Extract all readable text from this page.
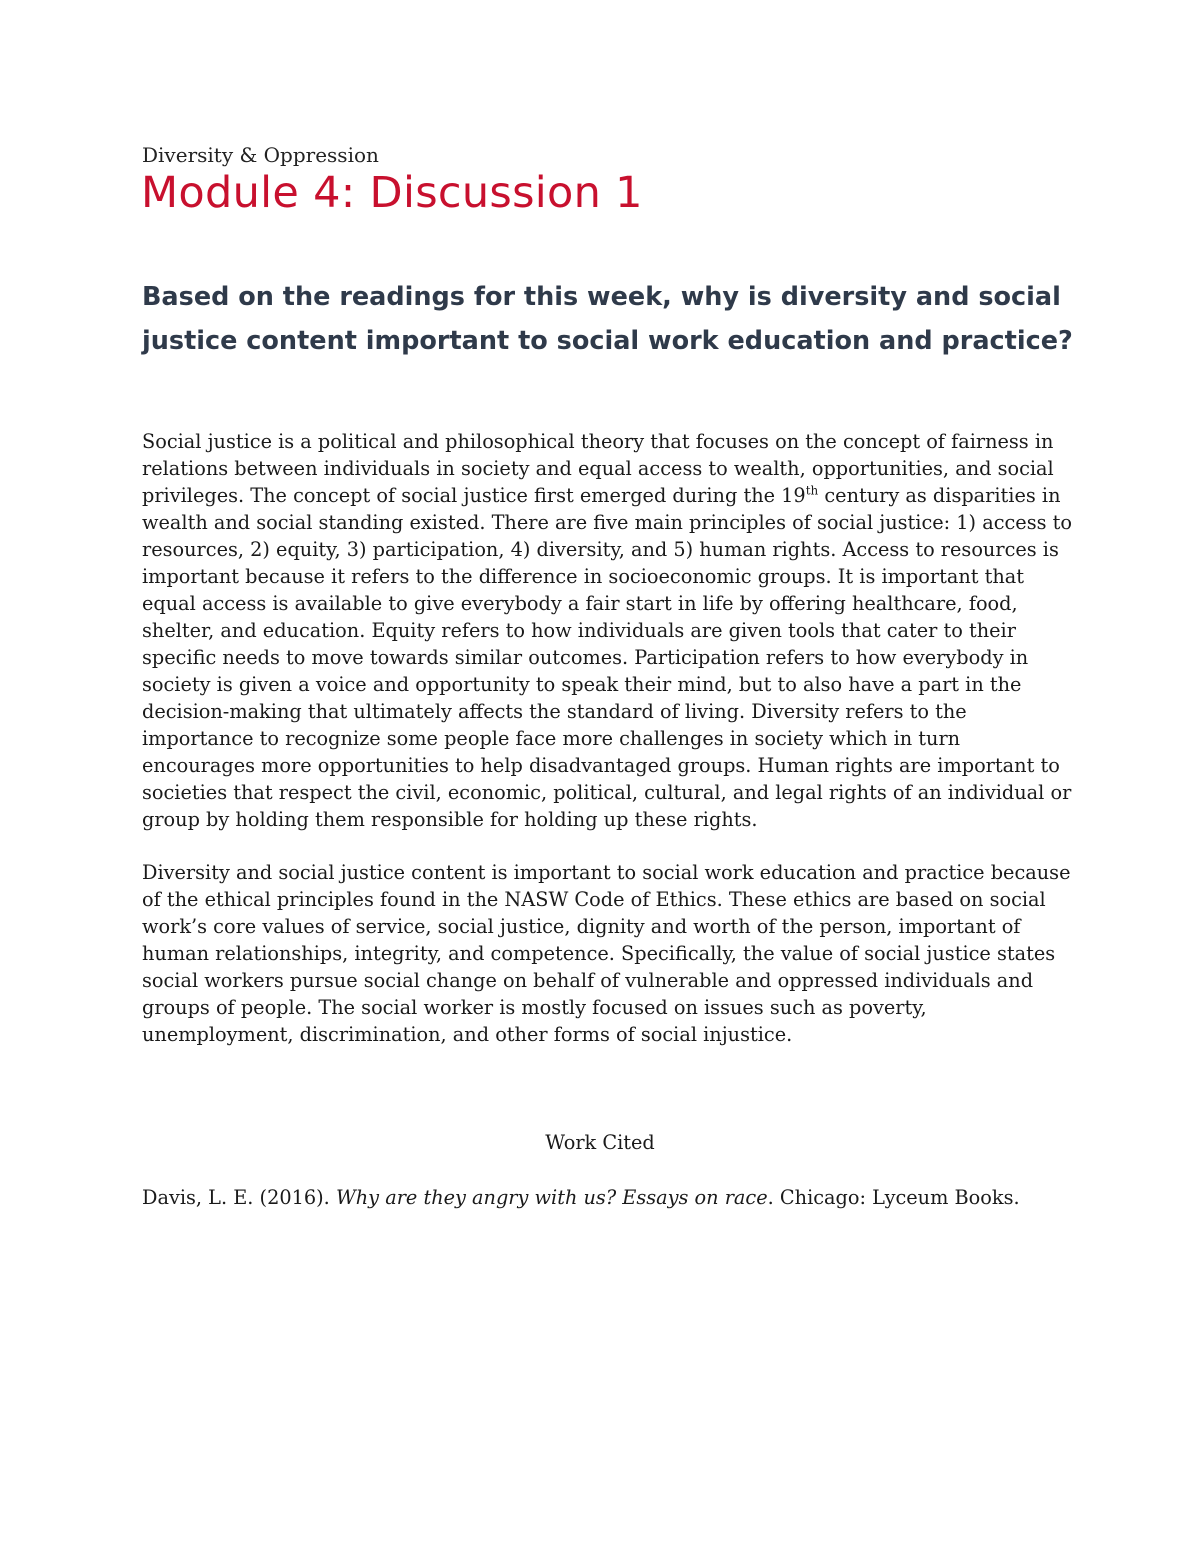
Diversity & Oppression

Module 4: Discussion 1
Based on the readings for this week, why is diversity and social justice content important to social work education and practice?

Social justice is a political and philosophical theory that focuses on the concept of fairness in relations between individuals in society and equal access to wealth, opportunities, and social privileges. The concept of social justice first emerged during the 19th century as disparities in wealth and social standing existed. There are five main principles of social justice: 1) access to resources, 2) equity, 3) participation, 4) diversity, and 5) human rights. Access to resources is important because it refers to the difference in socioeconomic groups. It is important that equal access is available to give everybody a fair start in life by offering healthcare, food, shelter, and education. Equity refers to how individuals are given tools that cater to their specific needs to move towards similar outcomes. Participation refers to how everybody in society is given a voice and opportunity to speak their mind, but to also have a part in the decision-making that ultimately affects the standard of living. Diversity refers to the importance to recognize some people face more challenges in society which in turn encourages more opportunities to help disadvantaged groups. Human rights are important to societies that respect the civil, economic, political, cultural, and legal rights of an individual or group by holding them responsible for holding up these rights.

Diversity and social justice content is important to social work education and practice because of the ethical principles found in the NASW Code of Ethics. These ethics are based on social work’s core values of service, social justice, dignity and worth of the person, important of human relationships, integrity, and competence. Specifically, the value of social justice states social workers pursue social change on behalf of vulnerable and oppressed individuals and groups of people. The social worker is mostly focused on issues such as poverty, unemployment, discrimination, and other forms of social injustice.

Work Cited

Davis, L. E. (2016). Why are they angry with us? Essays on race. Chicago: Lyceum Books.
